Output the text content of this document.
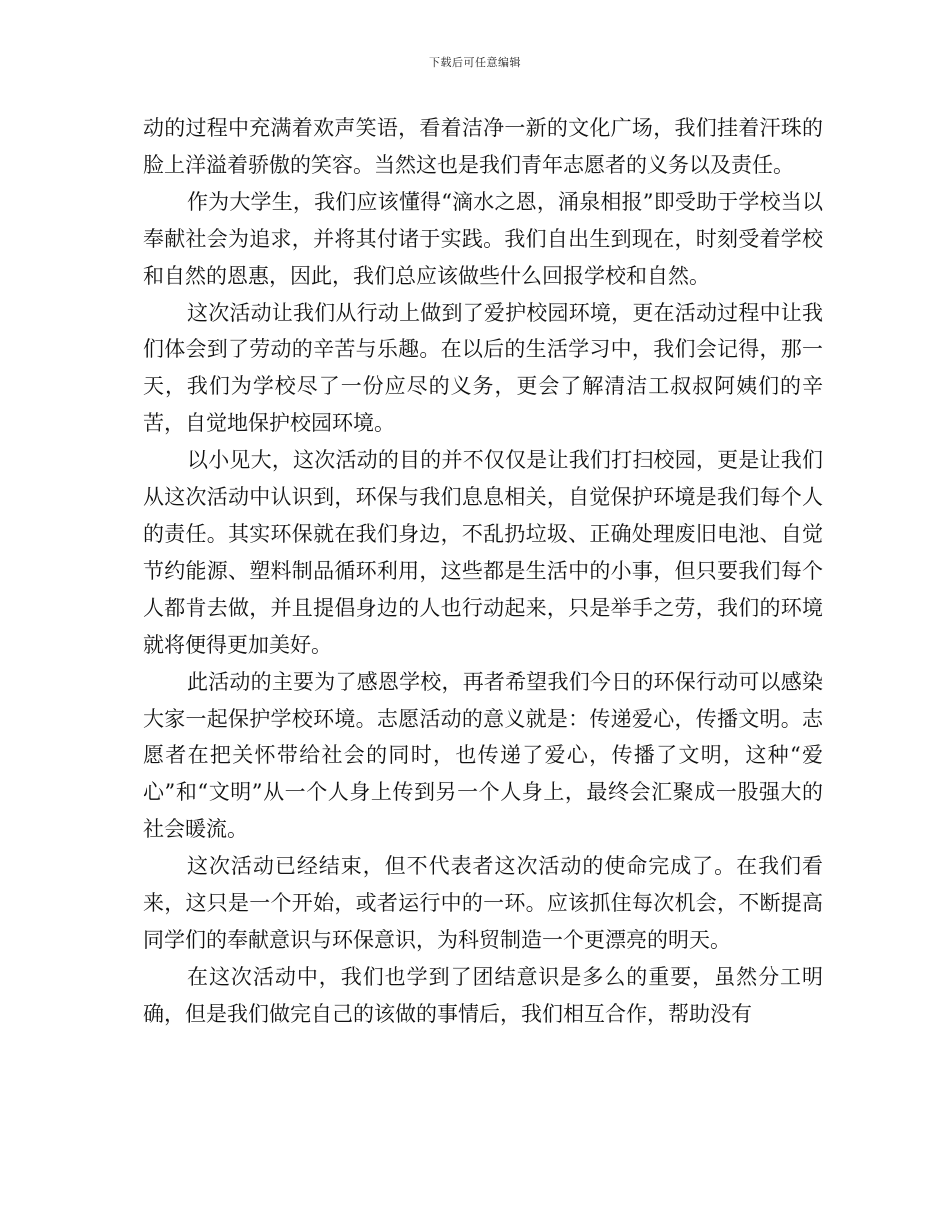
下载后可任意编辑

动的过程中充满着欢声笑语，看着洁净一新的文化广场，我们挂着汗珠的脸上洋溢着骄傲的笑容。当然这也是我们青年志愿者的义务以及责任。

作为大学生，我们应该懂得“滴水之恩，涌泉相报”即受助于学校当以奉献社会为追求，并将其付诸于实践。我们自出生到现在，时刻受着学校和自然的恩惠，因此，我们总应该做些什么回报学校和自然。

这次活动让我们从行动上做到了爱护校园环境，更在活动过程中让我们体会到了劳动的辛苦与乐趣。在以后的生活学习中，我们会记得，那一天，我们为学校尽了一份应尽的义务，更会了解清洁工叔叔阿姨们的辛苦，自觉地保护校园环境。

以小见大，这次活动的目的并不仅仅是让我们打扫校园，更是让我们从这次活动中认识到，环保与我们息息相关，自觉保护环境是我们每个人的责任。其实环保就在我们身边，不乱扔垃圾、正确处理废旧电池、自觉节约能源、塑料制品循环利用，这些都是生活中的小事，但只要我们每个人都肯去做，并且提倡身边的人也行动起来，只是举手之劳，我们的环境就将便得更加美好。

此活动的主要为了感恩学校，再者希望我们今日的环保行动可以感染大家一起保护学校环境。志愿活动的意义就是：传递爱心，传播文明。志愿者在把关怀带给社会的同时，也传递了爱心，传播了文明，这种“爱心”和“文明”从一个人身上传到另一个人身上，最终会汇聚成一股强大的社会暖流。

这次活动已经结束，但不代表者这次活动的使命完成了。在我们看来，这只是一个开始，或者运行中的一环。应该抓住每次机会，不断提高同学们的奉献意识与环保意识，为科贸制造一个更漂亮的明天。

在这次活动中，我们也学到了团结意识是多么的重要，虽然分工明确，但是我们做完自己的该做的事情后，我们相互合作，帮助没有
